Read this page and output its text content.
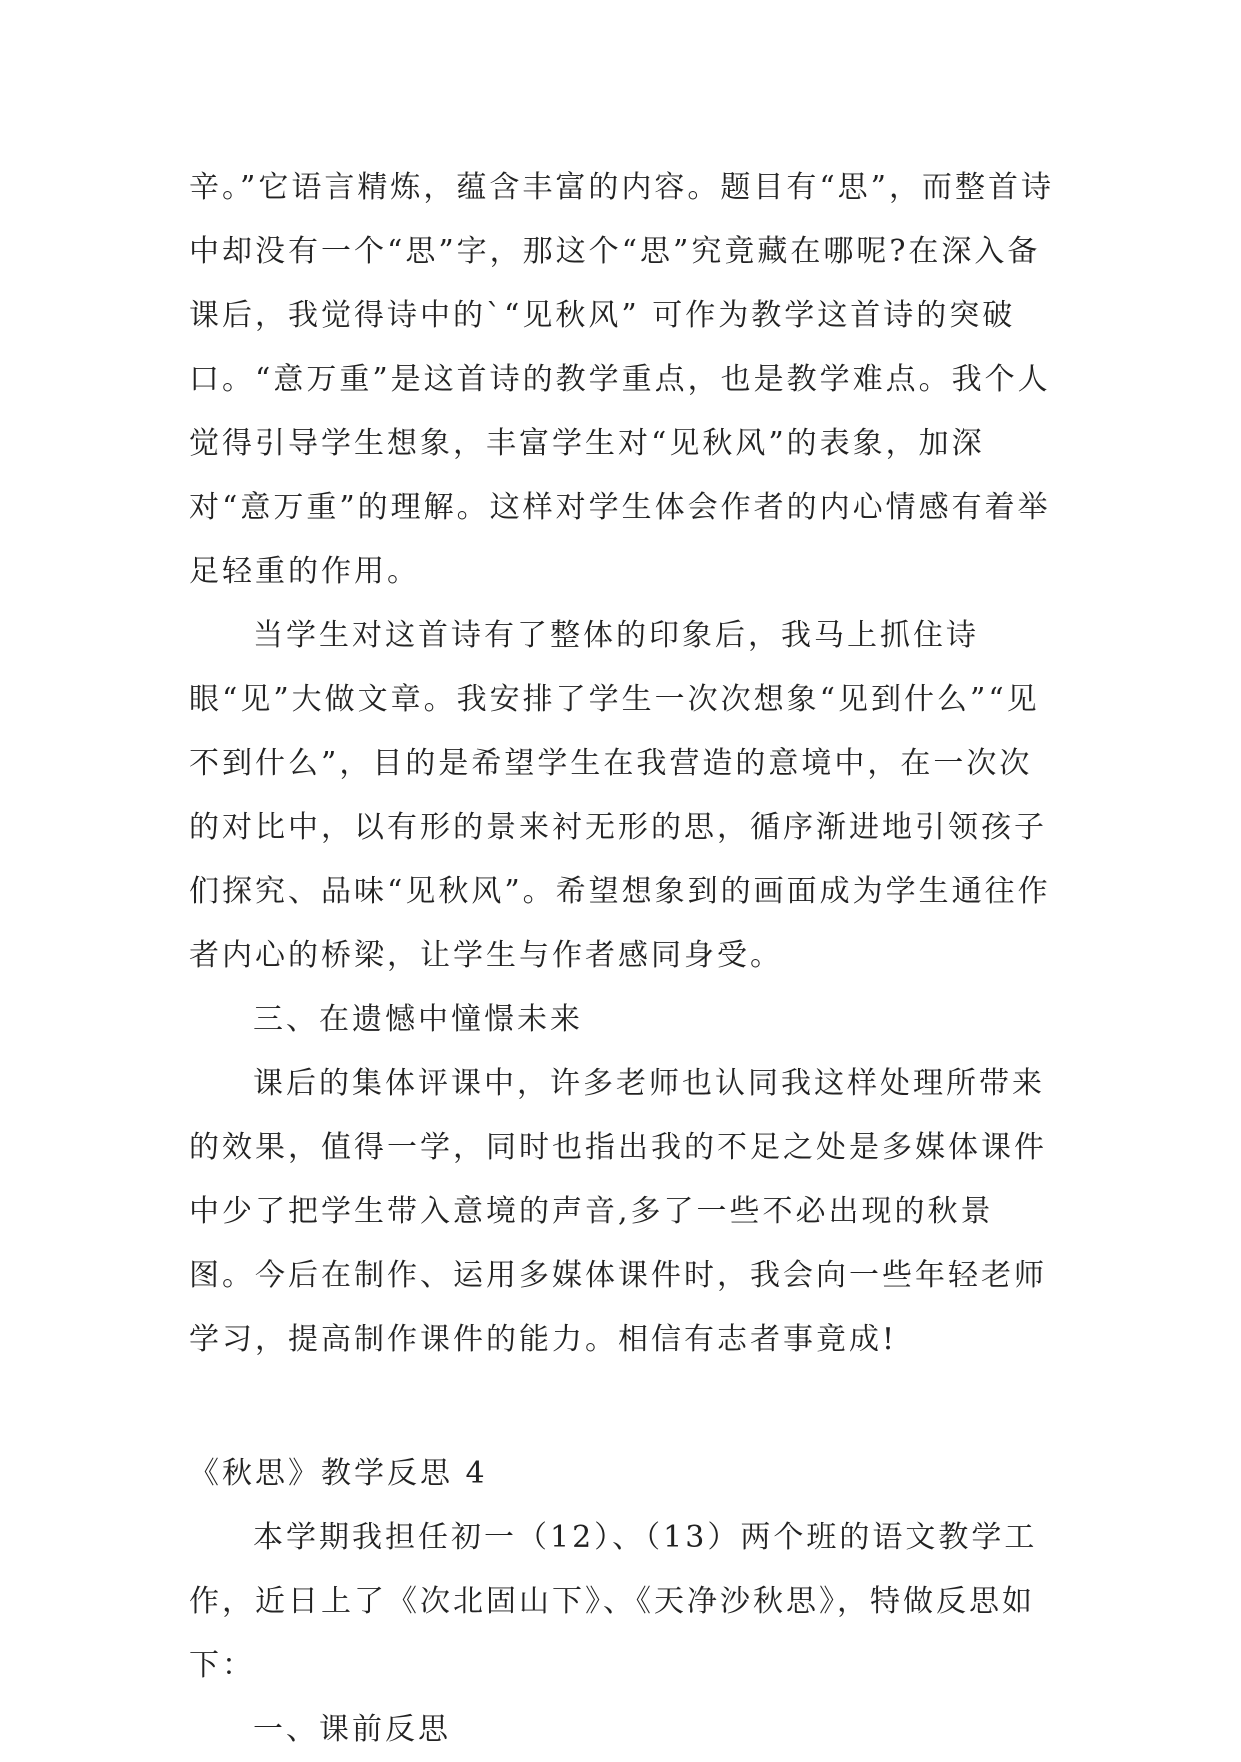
辛。”它语言精炼，蕴含丰富的内容。题目有“思”，而整首诗中却没有一个“思”字，那这个“思”究竟藏在哪呢?在深入备课后，我觉得诗中的`“见秋风” 可作为教学这首诗的突破口。“意万重”是这首诗的教学重点，也是教学难点。我个人觉得引导学生想象，丰富学生对“见秋风”的表象，加深对“意万重”的理解。这样对学生体会作者的内心情感有着举足轻重的作用。

当学生对这首诗有了整体的印象后，我马上抓住诗眼“见”大做文章。我安排了学生一次次想象“见到什么”“见不到什么”，目的是希望学生在我营造的意境中，在一次次的对比中，以有形的景来衬无形的思，循序渐进地引领孩子们探究、品味“见秋风”。希望想象到的画面成为学生通往作者内心的桥梁，让学生与作者感同身受。

三、在遗憾中憧憬未来

课后的集体评课中，许多老师也认同我这样处理所带来的效果，值得一学，同时也指出我的不足之处是多媒体课件中少了把学生带入意境的声音,多了一些不必出现的秋景图。今后在制作、运用多媒体课件时，我会向一些年轻老师学习，提高制作课件的能力。相信有志者事竟成!

《秋思》教学反思 4

本学期我担任初一（12）、（13）两个班的语文教学工作，近日上了《次北固山下》、《天净沙秋思》，特做反思如下：

一、课前反思
